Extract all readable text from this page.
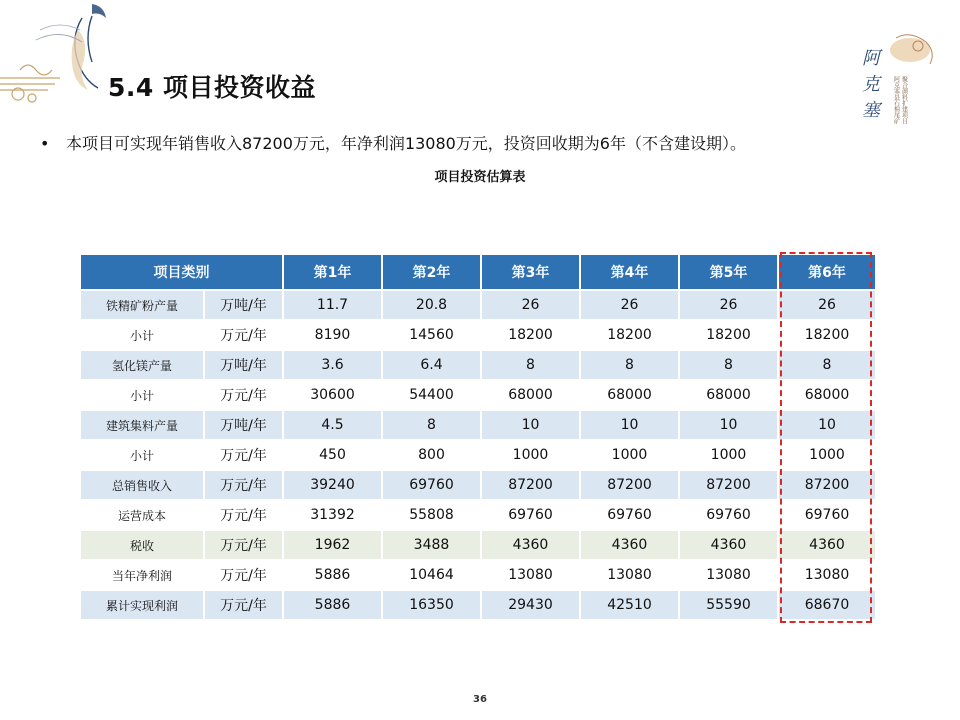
阿
克
塞	聚合颜料扩建项目
阿克塞县石棉尾矿
5.4 项目投资收益
• 本项目可实现年销售收入87200万元，年净利润13080万元，投资回收期为6年（不含建设期）。
项目投资估算表
项目类别		第1年	第2年	第3年	第4年	第5年	第6年
铁精矿粉产量	万吨/年	11.7	20.8	26	26	26	26
小计	万元/年	8190	14560	18200	18200	18200	18200
氢化镁产量	万吨/年	3.6	6.4	8	8	8	8
小计	万元/年	30600	54400	68000	68000	68000	68000
建筑集料产量	万吨/年	4.5	8	10	10	10	10
小计	万元/年	450	800	1000	1000	1000	1000
总销售收入	万元/年	39240	69760	87200	87200	87200	87200
运营成本	万元/年	31392	55808	69760	69760	69760	69760
税收	万元/年	1962	3488	4360	4360	4360	4360
当年净利润	万元/年	5886	10464	13080	13080	13080	13080
累计实现利润	万元/年	5886	16350	29430	42510	55590	68670
36
